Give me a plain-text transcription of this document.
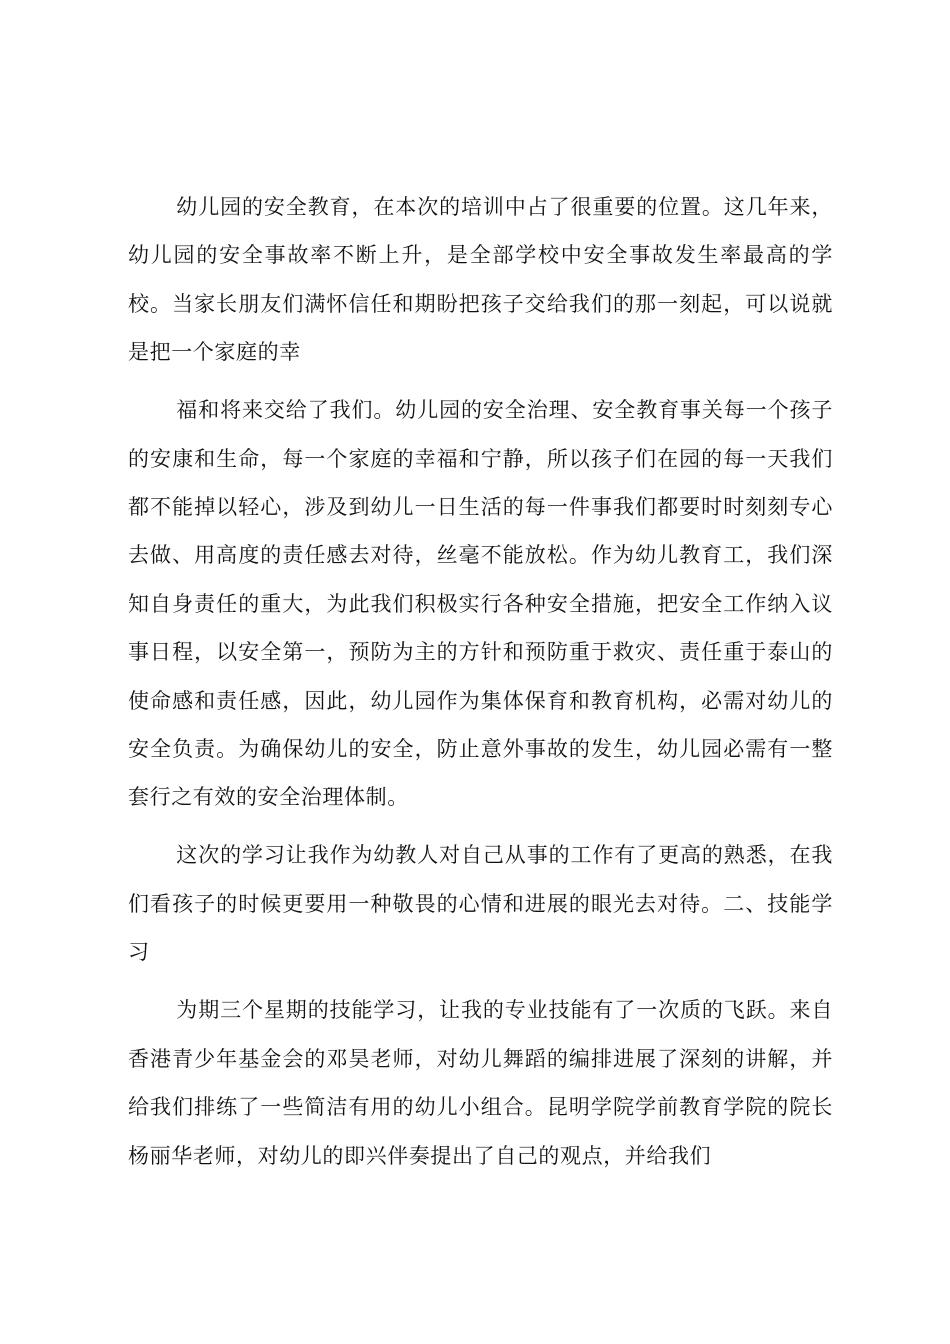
幼儿园的安全教育，在本次的培训中占了很重要的位置。这几年来，幼儿园的安全事故率不断上升，是全部学校中安全事故发生率最高的学校。当家长朋友们满怀信任和期盼把孩子交给我们的那一刻起，可以说就是把一个家庭的幸

福和将来交给了我们。幼儿园的安全治理、安全教育事关每一个孩子的安康和生命，每一个家庭的幸福和宁静，所以孩子们在园的每一天我们都不能掉以轻心，涉及到幼儿一日生活的每一件事我们都要时时刻刻专心去做、用高度的责任感去对待，丝毫不能放松。作为幼儿教育工，我们深知自身责任的重大，为此我们积极实行各种安全措施，把安全工作纳入议事日程，以安全第一，预防为主的方针和预防重于救灾、责任重于泰山的使命感和责任感，因此，幼儿园作为集体保育和教育机构，必需对幼儿的安全负责。为确保幼儿的安全，防止意外事故的发生，幼儿园必需有一整套行之有效的安全治理体制。

这次的学习让我作为幼教人对自己从事的工作有了更高的熟悉，在我们看孩子的时候更要用一种敬畏的心情和进展的眼光去对待。二、技能学习

为期三个星期的技能学习，让我的专业技能有了一次质的飞跃。来自香港青少年基金会的邓昊老师，对幼儿舞蹈的编排进展了深刻的讲解，并给我们排练了一些简洁有用的幼儿小组合。昆明学院学前教育学院的院长杨丽华老师，对幼儿的即兴伴奏提出了自己的观点，并给我们
